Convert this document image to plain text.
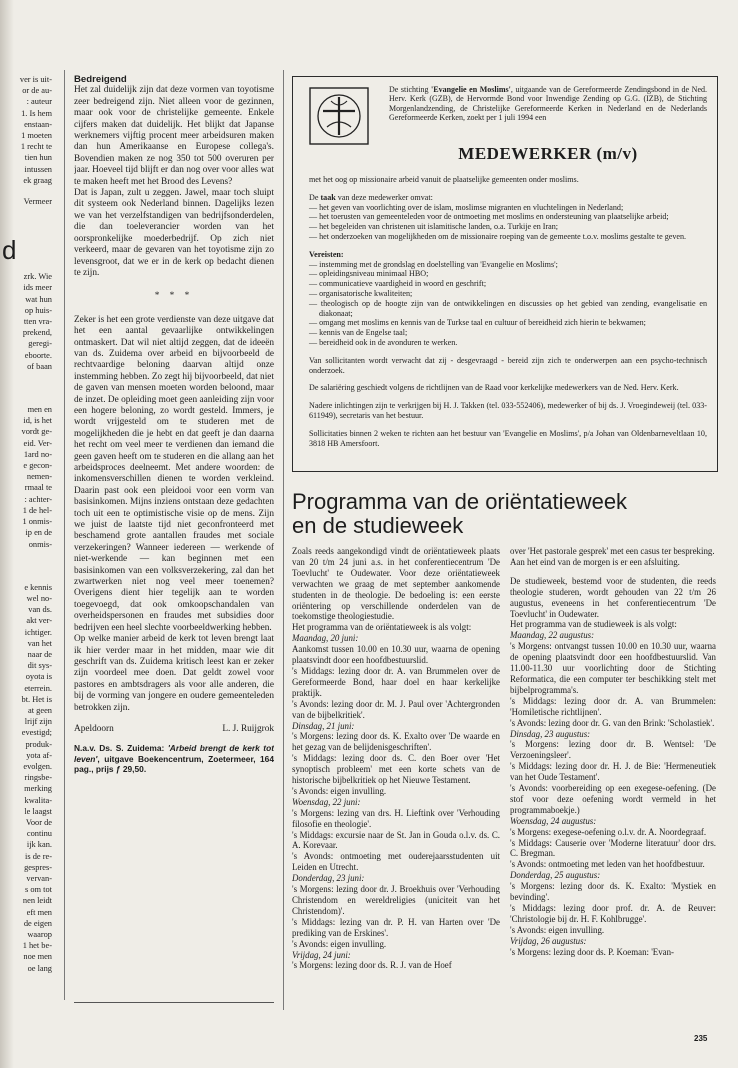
ver is uit-
or de au-
: auteur
1. Is hem
enstaan-
1 moeten
1 recht te
tien hun
intussen
ek graag
Vermeer
d
zrk. Wie
ids meer
wat hun
op huis-
tten vra-
prekend,
geregi-
eboorte.
of baan
men en
id, is het
vordt ge-
eid. Ver-
1ard no-
e gecon-
nemen-
rmaal te
: achter-
1 de hel-
1 onmis-
ip en de
onmis-
e kennis
wel no-
van ds.
akt ver-
ichtiger.
van het
naar de
dit sys-
oyota is
eterrein.
bt. Het is
at geen
lrijf zijn
evestigd;
produk-
yota af-
evolgen.
ringsbe-
merking
kwalita-
le laagst
Voor de
continu
ijk kan.
is de re-
gespres-
vervan-
s om tot
nen leidt
eft men
de eigen
waarop
1 het be-
noe men
oe lang
Bedreigend

Het zal duidelijk zijn dat deze vormen van toyotisme zeer bedreigend zijn. Niet alleen voor de gezinnen, maar ook voor de christelijke gemeente. Enkele cijfers maken dat duidelijk. Het blijkt dat Japanse werknemers vijftig procent meer arbeidsuren maken dan hun Amerikaanse en Europese collega's. Bovendien maken ze nog 350 tot 500 overuren per jaar. Hoeveel tijd blijft er dan nog over voor alles wat te maken heeft met het Brood des Levens?

Dat is Japan, zult u zeggen. Jawel, maar toch sluipt dit systeem ook Nederland binnen. Dagelijks lezen we van het verzelfstandigen van bedrijfsonderdelen, die dan toeleverancier worden van het oorspronkelijke moederbedrijf. Op zich niet verkeerd, maar de gevaren van het toyotisme zijn zo levensgroot, dat we er in de kerk op bedacht dienen te zijn.

* * *

Zeker is het een grote verdienste van deze uitgave dat het een aantal gevaarlijke ontwikkelingen ontmaskert. Dat wil niet altijd zeggen, dat de ideeën van ds. Zuidema over arbeid en bijvoorbeeld de rechtvaardige beloning daarvan altijd onze instemming hebben. Zo zegt hij bijvoorbeeld, dat niet de gaven van mensen moeten worden beloond, maar de inzet. De opleiding moet geen aanleiding zijn voor een hogere beloning, zo wordt gesteld. Immers, je wordt vrijgesteld om te studeren met de mogelijkheden die je hebt en dat geeft je dan daarna het recht om veel meer te verdienen dan iemand die geen gaven heeft om te studeren en die allang aan het arbeidsproces deelneemt. Met andere woorden: de inkomensverschillen dienen te worden verkleind. Daarin past ook een pleidooi voor een vorm van basisinkomen. Mijns inziens ontstaan deze gedachten toch uit een te optimistische visie op de mens. Zijn we juist de laatste tijd niet geconfronteerd met beschamend grote aantallen fraudes met sociale verzekeringen? Wanneer iedereen — werkende of niet-werkende — kan beginnen met een basisinkomen van een volksverzekering, zal dan het zwartwerken niet nog veel meer toenemen? Overigens dient hier tegelijk aan te worden toegevoegd, dat ook omkoopschandalen van overheidspersonen en fraudes met subsidies door bedrijven een heel slechte voorbeeldwerking hebben.

Op welke manier arbeid de kerk tot leven brengt laat ik hier verder maar in het midden, maar wie dit geschrift van ds. Zuidema kritisch leest kan er zeker zijn voordeel mee doen. Dat geldt zowel voor pastores en ambtsdragers als voor alle anderen, die bij de vorming van jongere en oudere gemeenteleden betrokken zijn.

Apeldoorn	L. J. Ruijgrok
N.a.v. Ds. S. Zuidema: 'Arbeid brengt de kerk tot leven', uitgave Boekencentrum, Zoetermeer, 164 pag., prijs ƒ 29,50.
De stichting 'Evangelie en Moslims', uitgaande van de Gereformeerde Zendingsbond in de Ned. Herv. Kerk (GZB), de Hervormde Bond voor Inwendige Zending op G.G. (IZB), de Stichting Morgenlandzending, de Christelijke Gereformeerde Kerken in Nederland en de Nederlands Gereformeerde Kerken, zoekt per 1 juli 1994 een
MEDEWERKER (m/v)

met het oog op missionaire arbeid vanuit de plaatselijke gemeenten onder moslims.

De taak van deze medewerker omvat:
— het geven van voorlichting over de islam, moslimse migranten en vluchtelingen in Nederland;
— het toerusten van gemeenteleden voor de ontmoeting met moslims en ondersteuning van plaatselijke arbeid;
— het begeleiden van christenen uit islamitische landen, o.a. Turkije en Iran;
— het onderzoeken van mogelijkheden om de missionaire roeping van de gemeente t.o.v. moslims gestalte te geven.
Vereisten:
— instemming met de grondslag en doelstelling van 'Evangelie en Moslims';
— opleidingsniveau minimaal HBO;
— communicatieve vaardigheid in woord en geschrift;
— organisatorische kwaliteiten;
— theologisch op de hoogte zijn van de ontwikkelingen en discussies op het gebied van zending, evangelisatie en diakonaat;
— omgang met moslims en kennis van de Turkse taal en cultuur of bereidheid zich hierin te bekwamen;
— kennis van de Engelse taal;
— bereidheid ook in de avonduren te werken.

Van sollicitanten wordt verwacht dat zij - desgevraagd - bereid zijn zich te onderwerpen aan een psycho-technisch onderzoek.

De salariëring geschiedt volgens de richtlijnen van de Raad voor kerkelijke medewerkers van de Ned. Herv. Kerk.

Nadere inlichtingen zijn te verkrijgen bij H. J. Takken (tel. 033-552406), medewerker of bij ds. J. Vroegindeweij (tel. 033-611949), secretaris van het bestuur.

Sollicitaties binnen 2 weken te richten aan het bestuur van 'Evangelie en Moslims', p/a Johan van Oldenbarneveltlaan 10, 3818 HB Amersfoort.

Programma van de oriëntatieweek
en de studieweek
Zoals reeds aangekondigd vindt de oriëntatieweek plaats van 20 t/m 24 juni a.s. in het conferentiecentrum 'De Toevlucht' te Oudewater. Voor deze oriëntatieweek verwachten we graag de met september aankomende studenten in de theologie. De bedoeling is: een eerste oriëntering op verschillende onderdelen van de toekomstige theologiestudie.
Het programma van de oriëntatieweek is als volgt:
Maandag, 20 juni:
Aankomst tussen 10.00 en 10.30 uur, waarna de opening plaatsvindt door een hoofdbestuurslid.
's Middags: lezing door dr. A. van Brummelen over de Gereformeerde Bond, haar doel en haar kerkelijke praktijk.
's Avonds: lezing door dr. M. J. Paul over 'Achtergronden van de bijbelkritiek'.
Dinsdag, 21 juni:
's Morgens: lezing door ds. K. Exalto over 'De waarde en het gezag van de belijdenisgeschriften'.
's Middags: lezing door ds. C. den Boer over 'Het synoptisch probleem' met een korte schets van de historische bijbelkritiek op het Nieuwe Testament.
's Avonds: eigen invulling.
Woensdag, 22 juni:
's Morgens: lezing van drs. H. Lieftink over 'Verhouding filosofie en theologie'.
's Middags: excursie naar de St. Jan in Gouda o.l.v. ds. C. A. Korevaar.
's Avonds: ontmoeting met ouderejaarsstudenten uit Leiden en Utrecht.
Donderdag, 23 juni:
's Morgens: lezing door dr. J. Broekhuis over 'Verhouding Christendom en wereldreligies (uniciteit van het Christendom)'.
's Middags: lezing van dr. P. H. van Harten over 'De prediking van de Erskines'.
's Avonds: eigen invulling.
Vrijdag, 24 juni:
's Morgens: lezing door ds. R. J. van de Hoef
over 'Het pastorale gesprek' met een casus ter bespreking.
Aan het eind van de morgen is er een afsluiting.
De studieweek, bestemd voor de studenten, die reeds theologie studeren, wordt gehouden van 22 t/m 26 augustus, eveneens in het conferentiecentrum 'De Toevlucht' in Oudewater.
Het programma van de studieweek is als volgt:
Maandag, 22 augustus:
's Morgens: ontvangst tussen 10.00 en 10.30 uur, waarna de opening plaatsvindt door een hoofdbestuurslid. Van 11.00-11.30 uur voorlichting door de Stichting Reformatica, die een computer ter beschikking stelt met bijbelprogramma's.
's Middags: lezing door dr. A. van Brummelen: 'Homiletische richtlijnen'.
's Avonds: lezing door dr. G. van den Brink: 'Scholastiek'.
Dinsdag, 23 augustus:
's Morgens: lezing door dr. B. Wentsel: 'De Verzoeningsleer'.
's Middags: lezing door dr. H. J. de Bie: 'Hermeneutiek van het Oude Testament'.
's Avonds: voorbereiding op een exegese-oefening. (De stof voor deze oefening wordt vermeld in het programmaboekje.)
Woensdag, 24 augustus:
's Morgens: exegese-oefening o.l.v. dr. A. Noordegraaf.
's Middags: Causerie over 'Moderne literatuur' door drs. C. Bregman.
's Avonds: ontmoeting met leden van het hoofdbestuur.
Donderdag, 25 augustus:
's Morgens: lezing door ds. K. Exalto: 'Mystiek en bevinding'.
's Middags: lezing door prof. dr. A. de Reuver: 'Christologie bij dr. H. F. Kohlbrugge'.
's Avonds: eigen invulling.
Vrijdag, 26 augustus:
's Morgens: lezing door ds. P. Koeman: 'Evan-
235
